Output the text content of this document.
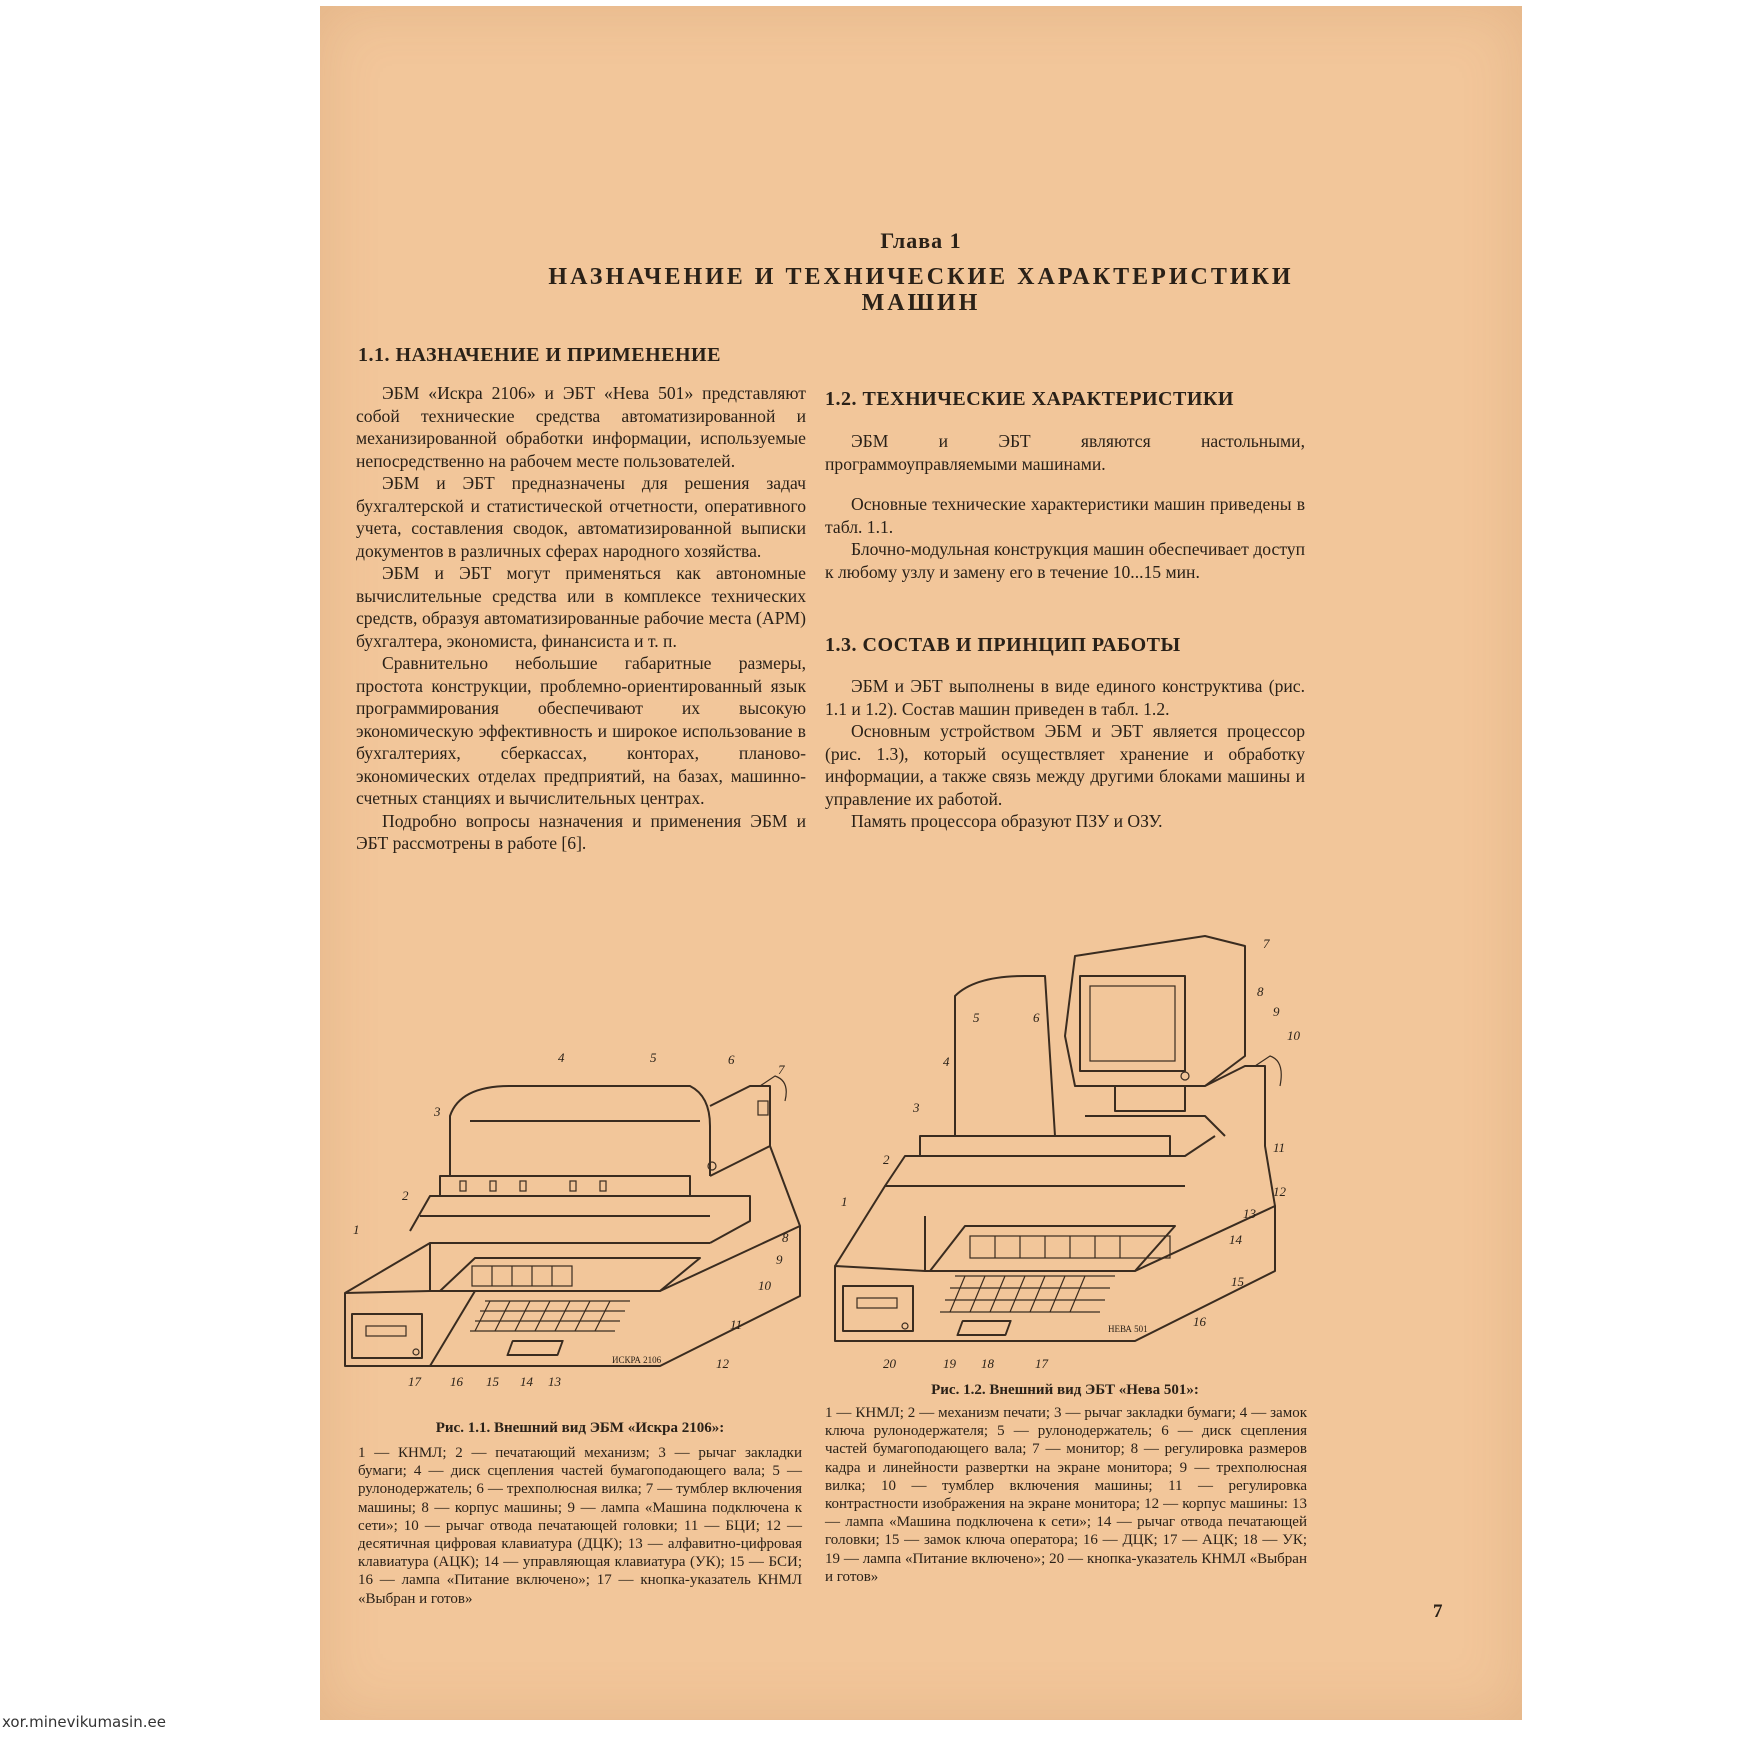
Глава 1
НАЗНАЧЕНИЕ И ТЕХНИЧЕСКИЕ ХАРАКТЕРИСТИКИ
МАШИН
1.1. НАЗНАЧЕНИЕ И ПРИМЕНЕНИЕ

ЭБМ «Искра 2106» и ЭБТ «Нева 501» представляют собой технические средства автоматизированной и механизированной обработки информации, используемые непосредственно на рабочем месте пользователей.

ЭБМ и ЭБТ предназначены для решения задач бухгалтерской и статистической отчетности, оперативного учета, составления сводок, автоматизированной выписки документов в различных сферах народного хозяйства.

ЭБМ и ЭБТ могут применяться как автономные вычислительные средства или в комплексе технических средств, образуя автоматизированные рабочие места (АРМ) бухгалтера, экономиста, финансиста и т. п.

Сравнительно небольшие габаритные размеры, простота конструкции, проблемно-ориентированный язык программирования обеспечивают их высокую экономическую эффективность и широкое использование в бухгалтериях, сберкассах, конторах, планово-экономических отделах предприятий, на базах, машинно-счетных станциях и вычислительных центрах.

Подробно вопросы назначения и применения ЭБМ и ЭБТ рассмотрены в работе [6].

1.2. ТЕХНИЧЕСКИЕ ХАРАКТЕРИСТИКИ

ЭБМ и ЭБТ являются настольными, программоуправляемыми машинами.

Основные технические характеристики машин приведены в табл. 1.1.

Блочно-модульная конструкция машин обеспечивает доступ к любому узлу и замену его в течение 10...15 мин.

1.3. СОСТАВ И ПРИНЦИП РАБОТЫ

ЭБМ и ЭБТ выполнены в виде единого конструктива (рис. 1.1 и 1.2). Состав машин приведен в табл. 1.2.

Основным устройством ЭБМ и ЭБТ является процессор (рис. 1.3), который осуществляет хранение и обработку информации, а также связь между другими блоками машины и управление их работой.

Память процессора образуют ПЗУ и ОЗУ.

1
2
3
4	5	6
7
8
9
10
11
12
13
14
15
16
17
ИСКРА 2106
Рис. 1.1. Внешний вид ЭБМ «Искра 2106»:

1 — КНМЛ; 2 — печатающий механизм; 3 — рычаг закладки бумаги; 4 — диск сцепления частей бумагоподающего вала; 5 — рулонодержатель; 6 — трехполюсная вилка; 7 — тумблер включения машины; 8 — корпус машины; 9 — лампа «Машина подключена к сети»; 10 — рычаг отвода печатающей головки; 11 — БЦИ; 12 — десятичная цифровая клавиатура (ДЦК); 13 — алфавитно-цифровая клавиатура (АЦК); 14 — управляющая клавиатура (УК); 15 — БСИ; 16 — лампа «Питание включено»; 17 — кнопка-указатель КНМЛ «Выбран и готов»

1
2
3
4
5	6
7
8
9
10
11
12
13
14
15
16
17
18
19
20
НЕВА 501
Рис. 1.2. Внешний вид ЭБТ «Нева 501»:

1 — КНМЛ; 2 — механизм печати; 3 — рычаг закладки бумаги; 4 — замок ключа рулонодержателя; 5 — рулонодержатель; 6 — диск сцепления частей бумагоподающего вала; 7 — монитор; 8 — регулировка размеров кадра и линейности развертки на экране монитора; 9 — трехполюсная вилка; 10 — тумблер включения машины; 11 — регулировка контрастности изображения на экране монитора; 12 — корпус машины: 13 — лампа «Машина подключена к сети»; 14 — рычаг отвода печатающей головки; 15 — замок ключа оператора; 16 — ДЦК; 17 — АЦК; 18 — УК; 19 — лампа «Питание включено»; 20 — кнопка-указатель КНМЛ «Выбран и готов»

7
xor.minevikumasin.ee
